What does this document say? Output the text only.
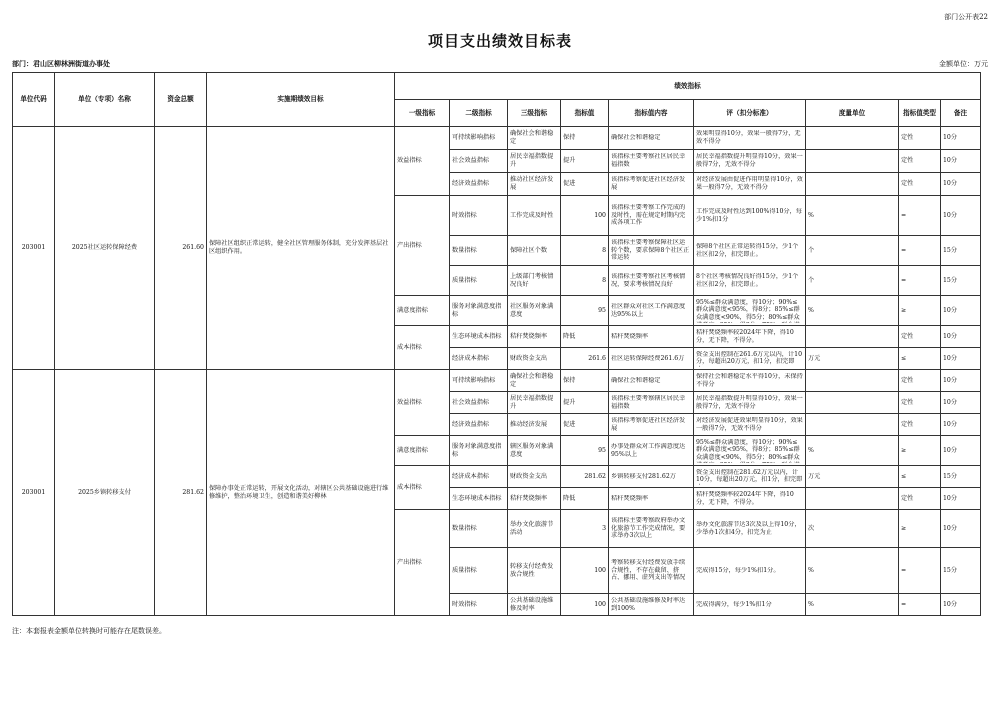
部门公开表22
项目支出绩效目标表
部门：君山区柳林洲街道办事处	金额单位：万元
单位代码	单位（专项）名称	资金总额	实施期绩效目标	绩效指标								
				一级指标	二级指标	三级指标	指标值	指标值内容	评（扣分标准）	度量单位	指标值类型	备注
203001	2025社区运转保障经费	261.60	保障社区组织正常运转，健全社区管理服务体制，充分发挥基层社区组织作用。	效益指标	可持续影响指标	确保社会和谐稳定	保持	确保社会和谐稳定	效果明显得10分，效果一般得7分，无效不得分		定性	10分
					社会效益指标	居民幸福指数提升	提升	该指标主要考察社区居民幸福指数	居民幸福指数提升明显得10分，效果一般得7分，无效不得分		定性	10分
					经济效益指标	推动社区经济发展	促进	该指标考察促进社区经济发展	对经济发展由促进作用明显得10分，效果一般得7分，无效不得分		定性	10分
				产出指标	时效指标	工作完成及时性	100	该指标主要考察工作完成的及时性，需在规定时期内完成各项工作	工作完成及时性达到100%得10分，每少1%扣1分	%	=	10分
					数量指标	保障社区个数	8	该指标主要考察保障社区运转个数，要求保障8个社区正常运转	保障8个社区正常运转得15分，少1个社区扣2分，扣完即止。	个	=	15分
					质量指标	上级部门考核情况良好	8	该指标主要考察社区考核情况，要求考核情况良好	8个社区考核情况良好得15分，少1个社区扣2分，扣完即止。	个	=	15分
				满意度指标	服务对象满意度指标	社区服务对象满意度	95	社区群众对社区工作满意度达95%以上	95%≤群众满意度，得10分；90%≤群众满意度<95%，得8分；85%≤群众满意度<90%，得5分；80%≤群众	%	≥	10分
				成本指标	生态环境成本指标	秸秆焚烧频率	降低	秸秆焚烧频率	秸秆焚烧频率较2024年下降，得10分，无下降，不得分。		定性	10分
					经济成本指标	财政资金支出	261.6	社区运转保障经费261.6万	资金支出控制在261.6万元以内，计10分，每超出20万元，扣1分，扣完即	万元	≤	10分
203001	2025乡镇转移支付	281.62	保障办事处正常运转，开展文化活动，对辖区公共基础设施进行维修维护，整治环境卫生，创造和谐美好柳林	效益指标	可持续影响指标	确保社会和谐稳定	保持	确保社会和谐稳定	保持社会和谐稳定水平得10分，未保持不得分		定性	10分
					社会效益指标	居民幸福指数提升	提升	该指标主要考察辖区居民幸福指数	居民幸福指数提升明显得10分，效果一般得7分，无效不得分		定性	10分
					经济效益指标	推动经济发展	促进	该指标考察促进社区经济发展	对经济发展促进效果明显得10分，效果一般得7分，无效不得分		定性	10分
				满意度指标	服务对象满意度指标	辖区服务对象满意度	95	办事处群众对工作满意度达95%以上	95%≤群众满意度，得10分；90%≤群众满意度<95%，得8分；85%≤群众满意度<90%，得5分；80%≤群众	%	≥	10分
				成本指标	经济成本指标	财政资金支出	281.62	乡镇转移支付281.62万	资金支出控制在281.62万元以内，计10分，每超出20万元，扣1分，扣完即	万元	≤	15分
					生态环境成本指标	秸秆焚烧频率	降低	秸秆焚烧频率	秸秆焚烧频率较2024年下降，得10分，无下降，不得分。		定性	10分
				产出指标	数量指标	举办文化旅游节活动	3	该指标主要考察政府举办文化旅游节工作完成情况，要求举办3次以上	举办文化旅游节达3次及以上得10分，少举办1次扣4分，扣完为止	次	≥	10分
					质量指标	转移支付经费发放合规性	100	考察转移支付经费发放手续合规性，不存在截留、挤占、挪用、虚列支出等情况	完成得15分，每少1%扣1分。	%	=	15分
					时效指标	公共基础设施维修及时率	100	公共基础设施维修及时率达到100%	完成得满分，每少1%扣1分	%	=	10分
注：本套报表金额单位转换时可能存在尾数误差。
